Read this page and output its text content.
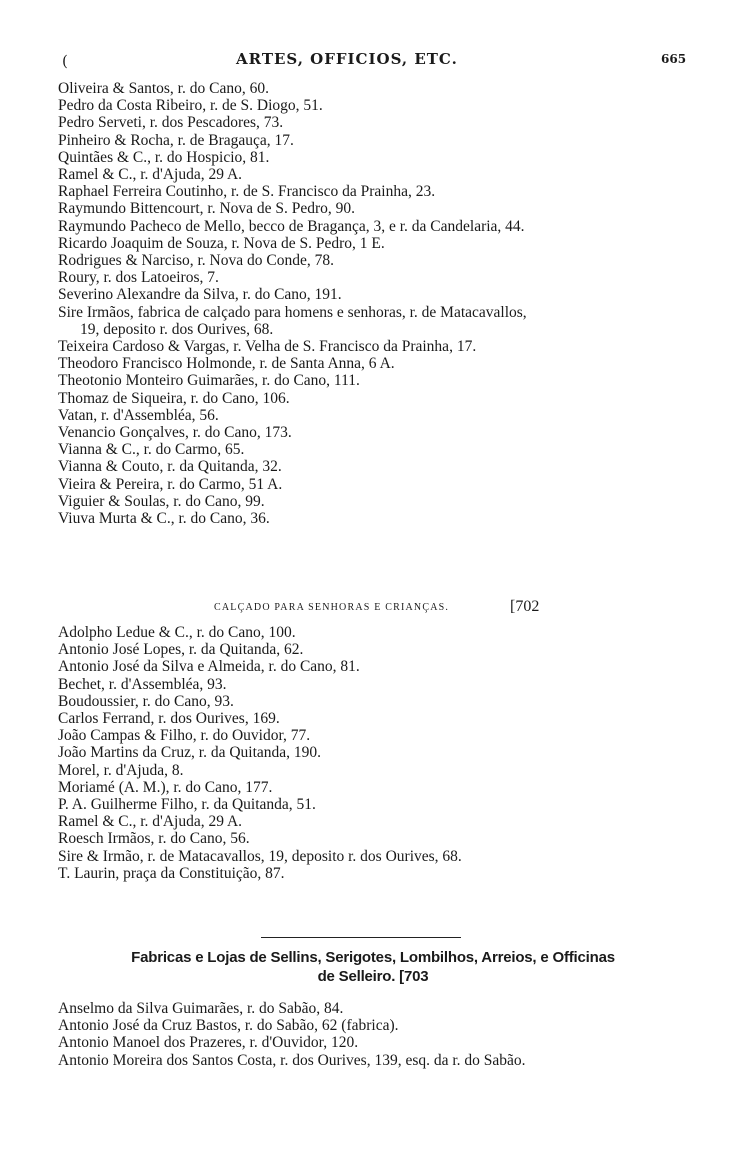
(	ARTES, OFFICIOS, ETC.	665
Oliveira & Santos, r. do Cano, 60.
Pedro da Costa Ribeiro, r. de S. Diogo, 51.
Pedro Serveti, r. dos Pescadores, 73.
Pinheiro & Rocha, r. de Bragauça, 17.
Quintães & C., r. do Hospicio, 81.
Ramel & C., r. d'Ajuda, 29 A.
Raphael Ferreira Coutinho, r. de S. Francisco da Prainha, 23.
Raymundo Bittencourt, r. Nova de S. Pedro, 90.
Raymundo Pacheco de Mello, becco de Bragança, 3, e r. da Candelaria, 44.
Ricardo Joaquim de Souza, r. Nova de S. Pedro, 1 E.
Rodrigues & Narciso, r. Nova do Conde, 78.
Roury, r. dos Latoeiros, 7.
Severino Alexandre da Silva, r. do Cano, 191.
Sire Irmãos, fabrica de calçado para homens e senhoras, r. de Matacavallos,
19, deposito r. dos Ourives, 68.
Teixeira Cardoso & Vargas, r. Velha de S. Francisco da Prainha, 17.
Theodoro Francisco Holmonde, r. de Santa Anna, 6 A.
Theotonio Monteiro Guimarães, r. do Cano, 111.
Thomaz de Siqueira, r. do Cano, 106.
Vatan, r. d'Assembléa, 56.
Venancio Gonçalves, r. do Cano, 173.
Vianna & C., r. do Carmo, 65.
Vianna & Couto, r. da Quitanda, 32.
Vieira & Pereira, r. do Carmo, 51 A.
Viguier & Soulas, r. do Cano, 99.
Viuva Murta & C., r. do Cano, 36.
CALÇADO PARA SENHORAS E CRIANÇAS.	[702
Adolpho Ledue & C., r. do Cano, 100.
Antonio José Lopes, r. da Quitanda, 62.
Antonio José da Silva e Almeida, r. do Cano, 81.
Bechet, r. d'Assembléa, 93.
Boudoussier, r. do Cano, 93.
Carlos Ferrand, r. dos Ourives, 169.
João Campas & Filho, r. do Ouvidor, 77.
João Martins da Cruz, r. da Quitanda, 190.
Morel, r. d'Ajuda, 8.
Moriamé (A. M.), r. do Cano, 177.
P. A. Guilherme Filho, r. da Quitanda, 51.
Ramel & C., r. d'Ajuda, 29 A.
Roesch Irmãos, r. do Cano, 56.
Sire & Irmão, r. de Matacavallos, 19, deposito r. dos Ourives, 68.
T. Laurin, praça da Constituição, 87.
Fabricas e Lojas de Sellins, Serigotes, Lombilhos, Arreios, e Officinas
de Selleiro. [703
Anselmo da Silva Guimarães, r. do Sabão, 84.
Antonio José da Cruz Bastos, r. do Sabão, 62 (fabrica).
Antonio Manoel dos Prazeres, r. d'Ouvidor, 120.
Antonio Moreira dos Santos Costa, r. dos Ourives, 139, esq. da r. do Sabão.
